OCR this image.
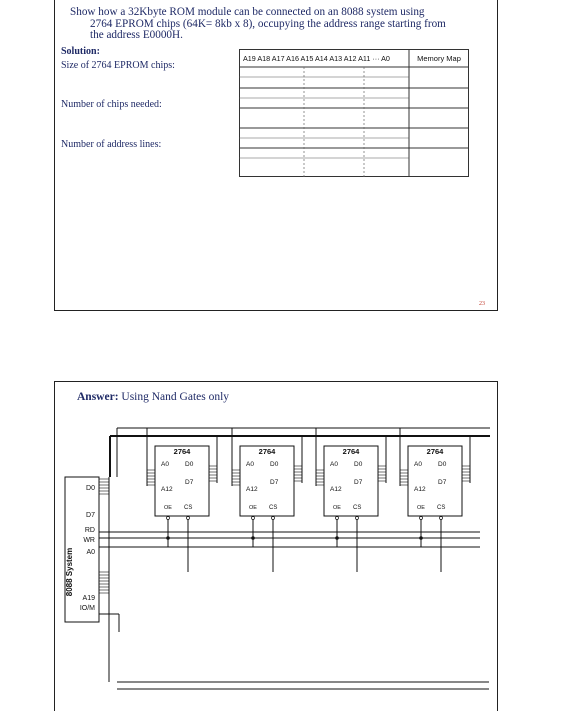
Show how a 32Kbyte ROM module can be connected on an 8088 system using
2764 EPROM chips (64K= 8kb x 8), occupying the address range starting from
the address E0000H.
Solution:
Size of 2764 EPROM chips:
Number of chips needed:
Number of address lines:
A19 A18 A17 A16 A15 A14 A13 A12 A11 ··· A0	Memory Map
23
Answer: Using Nand Gates only
2764
A0
A12
D0
D7
OE CS
2764
A0
A12
D0
D7
OE CS
2764
A0
A12
D0
D7
OE CS
2764
A0
A12
D0
D7
OE CS
8088 System
D0
D7
RD
WR
A0
A19
IO/M
